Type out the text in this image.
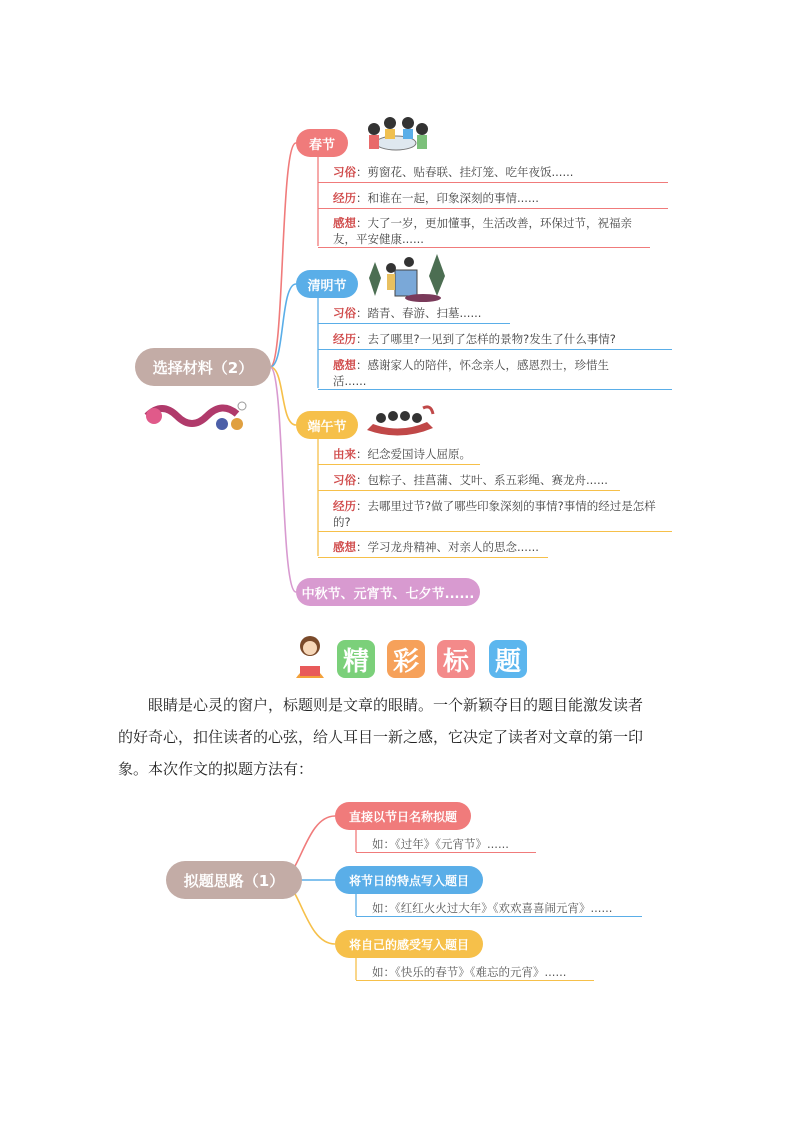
选择材料（2）
春节
习俗：剪窗花、贴春联、挂灯笼、吃年夜饭......
经历：和谁在一起，印象深刻的事情......
感想：大了一岁，更加懂事，生活改善，环保过节，祝福亲
友，平安健康......
清明节
习俗：踏青、春游、扫墓......
经历：去了哪里?一见到了怎样的景物?发生了什么事情?
感想：感谢家人的陪伴，怀念亲人，感恩烈士，珍惜生
活......
端午节
由来：纪念爱国诗人屈原。
习俗：包粽子、挂菖蒲、艾叶、系五彩绳、赛龙舟......
经历：去哪里过节?做了哪些印象深刻的事情?事情的经过是怎样
的?
感想：学习龙舟精神、对亲人的思念......
中秋节、元宵节、七夕节......
精 彩 标 题
眼睛是心灵的窗户，标题则是文章的眼睛。一个新颖夺目的题目能激发读者
的好奇心，扣住读者的心弦，给人耳目一新之感，它决定了读者对文章的第一印
象。本次作文的拟题方法有：
拟题思路（1）
直接以节日名称拟题
如：《过年》《元宵节》......
将节日的特点写入题目
如：《红红火火过大年》《欢欢喜喜闹元宵》......
将自己的感受写入题目
如：《快乐的春节》《难忘的元宵》......
